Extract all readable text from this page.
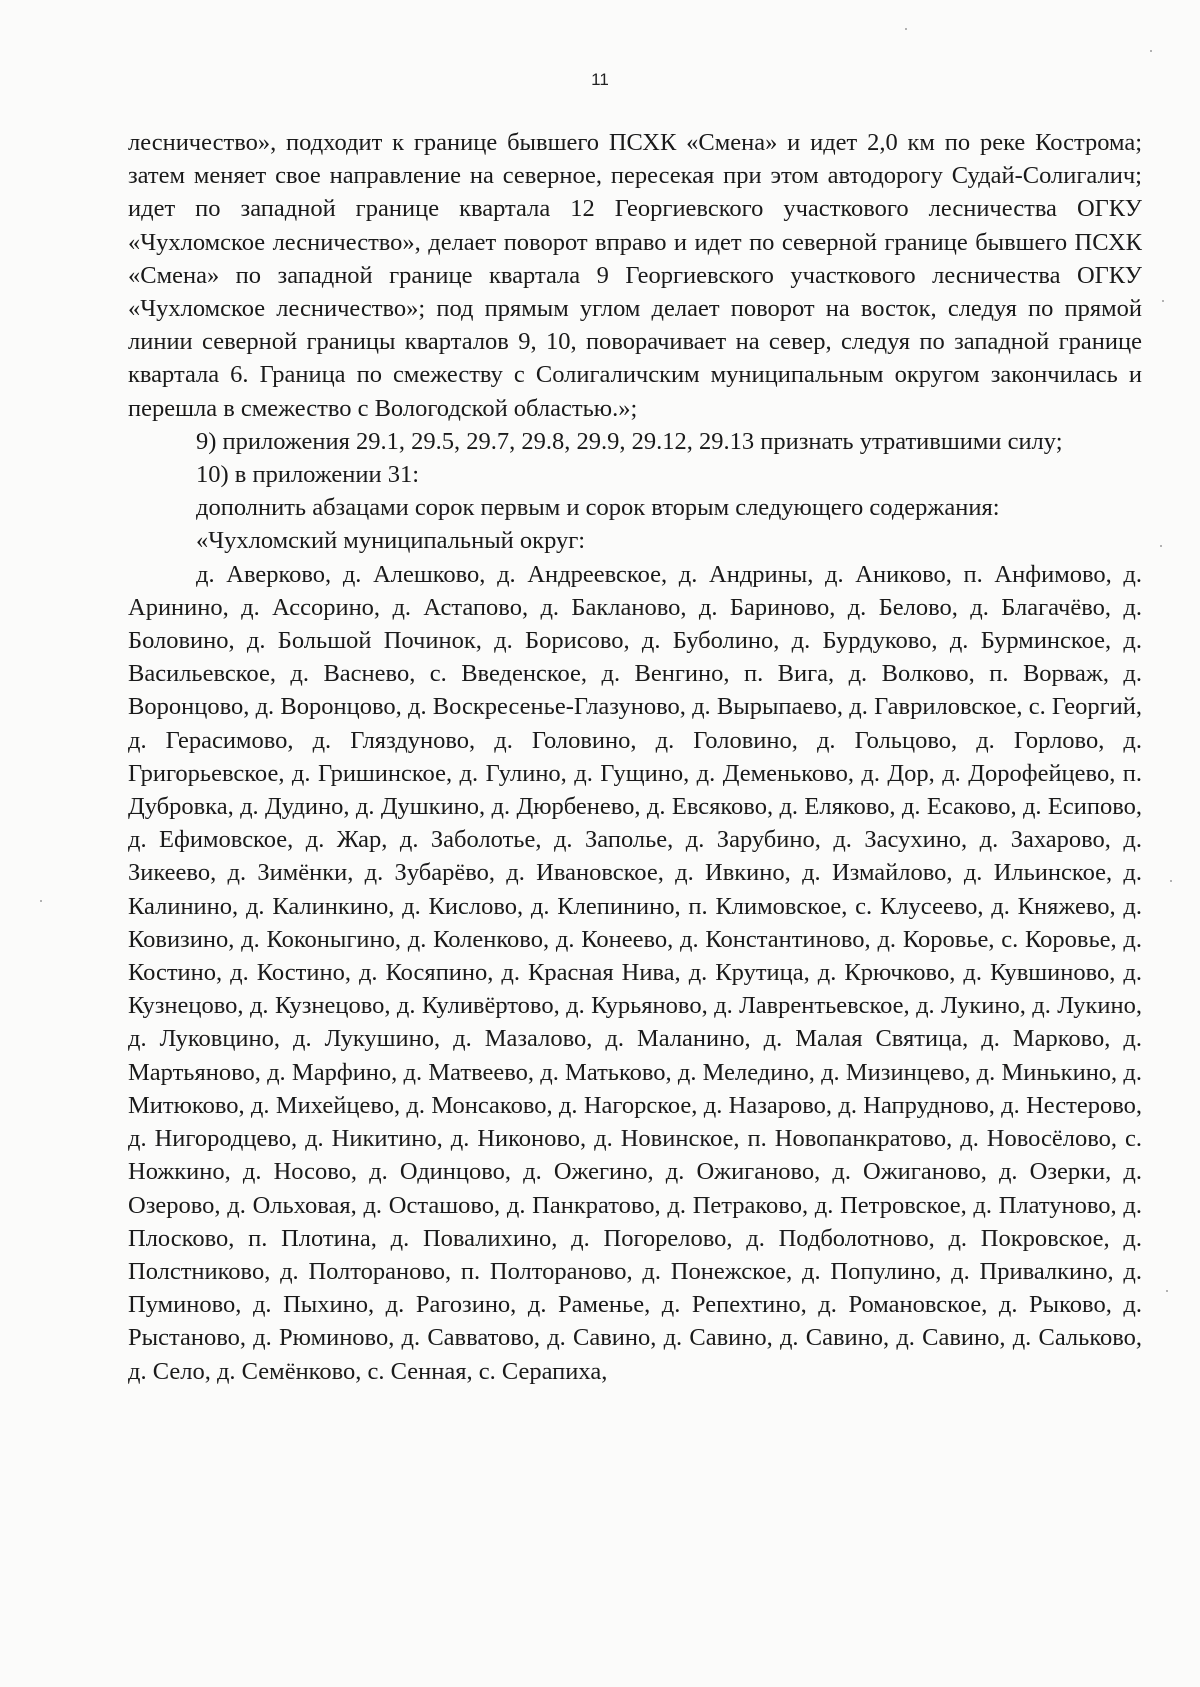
11

лесничество», подходит к границе бывшего ПСХК «Смена» и идет 2,0 км по реке Кострома; затем меняет свое направление на северное, пересекая при этом автодорогу Судай-Солигалич; идет по западной границе квартала 12 Георгиевского участкового лесничества ОГКУ «Чухломское лесничество», делает поворот вправо и идет по северной границе бывшего ПСХК «Смена» по западной границе квартала 9 Георгиевского участкового лесничества ОГКУ «Чухломское лесничество»; под прямым углом делает поворот на восток, следуя по прямой линии северной границы кварталов 9, 10, поворачивает на север, следуя по западной границе квартала 6. Граница по смежеству с Солигаличским муниципальным округом закончилась и перешла в смежество с Вологодской областью.»;

9) приложения 29.1, 29.5, 29.7, 29.8, 29.9, 29.12, 29.13 признать утратившими силу;

10) в приложении 31:

дополнить абзацами сорок первым и сорок вторым следующего содержания:

«Чухломский муниципальный округ:

д. Аверково, д. Алешково, д. Андреевское, д. Андрины, д. Аниково, п. Анфимово, д. Аринино, д. Ассорино, д. Астапово, д. Бакланово, д. Бариново, д. Белово, д. Благачёво, д. Боловино, д. Большой Починок, д. Борисово, д. Буболино, д. Бурдуково, д. Бурминское, д. Васильевское, д. Васнево, с. Введенское, д. Венгино, п. Вига, д. Волково, п. Ворваж, д. Воронцово, д. Воронцово, д. Воскресенье-Глазуново, д. Вырыпаево, д. Гавриловское, с. Георгий, д. Герасимово, д. Гляздуново, д. Головино, д. Головино, д. Гольцово, д. Горлово, д. Григорьевское, д. Гришинское, д. Гулино, д. Гущино, д. Деменьково, д. Дор, д. Дорофейцево, п. Дубровка, д. Дудино, д. Душкино, д. Дюрбенево, д. Евсяково, д. Еляково, д. Есаково, д. Есипово, д. Ефимовское, д. Жар, д. Заболотье, д. Заполье, д. Зарубино, д. Засухино, д. Захарово, д. Зикеево, д. Зимёнки, д. Зубарёво, д. Ивановское, д. Ивкино, д. Измайлово, д. Ильинское, д. Калинино, д. Калинкино, д. Кислово, д. Клепинино, п. Климовское, с. Клусеево, д. Княжево, д. Ковизино, д. Коконыгино, д. Коленково, д. Конеево, д. Константиново, д. Коровье, с. Коровье, д. Костино, д. Костино, д. Косяпино, д. Красная Нива, д. Крутица, д. Крючково, д. Кувшиново, д. Кузнецово, д. Кузнецово, д. Куливёртово, д. Курьяново, д. Лаврентьевское, д. Лукино, д. Лукино, д. Луковцино, д. Лукушино, д. Мазалово, д. Маланино, д. Малая Святица, д. Марково, д. Мартьяново, д. Марфино, д. Матвеево, д. Матьково, д. Меледино, д. Мизинцево, д. Минькино, д. Митюково, д. Михейцево, д. Монсаково, д. Нагорское, д. Назарово, д. Напрудново, д. Нестерово, д. Нигородцево, д. Никитино, д. Никоново, д. Новинское, п. Новопанкратово, д. Новосёлово, с. Ножкино, д. Носово, д. Одинцово, д. Ожегино, д. Ожиганово, д. Ожиганово, д. Озерки, д. Озерово, д. Ольховая, д. Осташово, д. Панкратово, д. Петраково, д. Петровское, д. Платуново, д. Плосково, п. Плотина, д. Повалихино, д. Погорелово, д. Подболотново, д. Покровское, д. Полстниково, д. Полтораново, п. Полтораново, д. Понежское, д. Популино, д. Привалкино, д. Пуминово, д. Пыхино, д. Рагозино, д. Раменье, д. Репехтино, д. Романовское, д. Рыково, д. Рыстаново, д. Рюминово, д. Савватово, д. Савино, д. Савино, д. Савино, д. Савино, д. Сальково, д. Село, д. Семёнково, с. Сенная, с. Серапиха,
